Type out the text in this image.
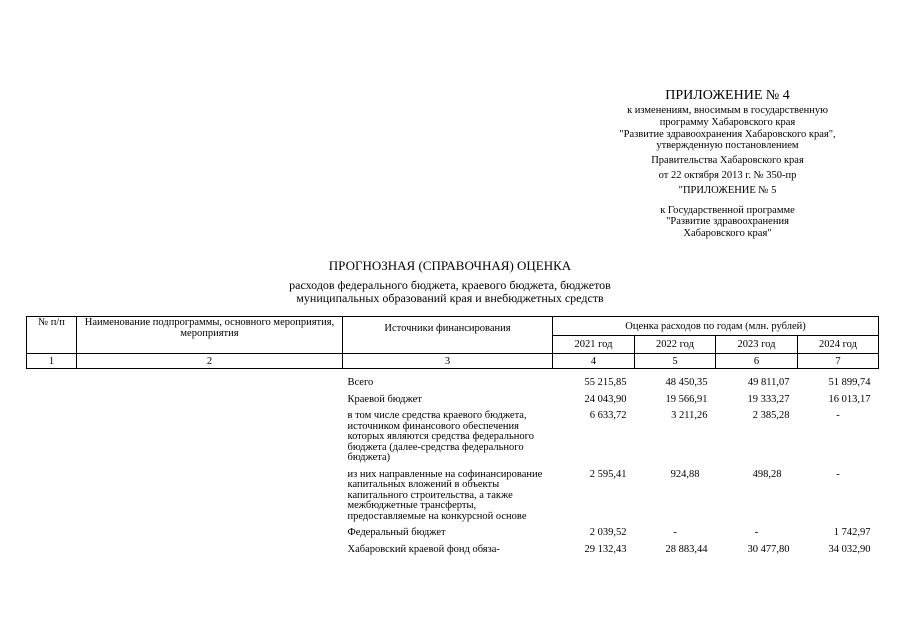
ПРИЛОЖЕНИЕ № 4
к изменениям, вносимым в государственную
программу Хабаровского края
"Развитие здравоохранения Хабаровского края",
утвержденную постановлением
Правительства Хабаровского края
от 22 октября 2013 г. № 350-пр
"ПРИЛОЖЕНИЕ № 5
к Государственной программе
"Развитие здравоохранения
Хабаровского края"
ПРОГНОЗНАЯ (СПРАВОЧНАЯ) ОЦЕНКА
расходов федерального бюджета, краевого бюджета, бюджетов
муниципальных образований края и внебюджетных средств
№ п/п	Наименование подпрограммы, основного мероприятия, мероприятия	Источники финансирования	Оценка расходов по годам (млн. рублей)			
			2021 год	2022 год	2023 год	2024 год
1	2	3	4	5	6	7
		Всего	55 215,85	48 450,35	49 811,07	51 899,74
		Краевой бюджет	24 043,90	19 566,91	19 333,27	16 013,17
		в том числе средства краевого бюджета, источником финансового обеспечения которых являются средства федерального бюджета (далее-средства федерального бюджета)	6 633,72	3 211,26	2 385,28	-
		из них направленные на софинансирование капитальных вложений в объекты капитального строительства, а также межбюджетные трансферты, предоставляемые на конкурсной основе	2 595,41	924,88	498,28	-
		Федеральный бюджет	2 039,52	-	-	1 742,97
		Хабаровский краевой фонд обяза-	29 132,43	28 883,44	30 477,80	34 032,90
